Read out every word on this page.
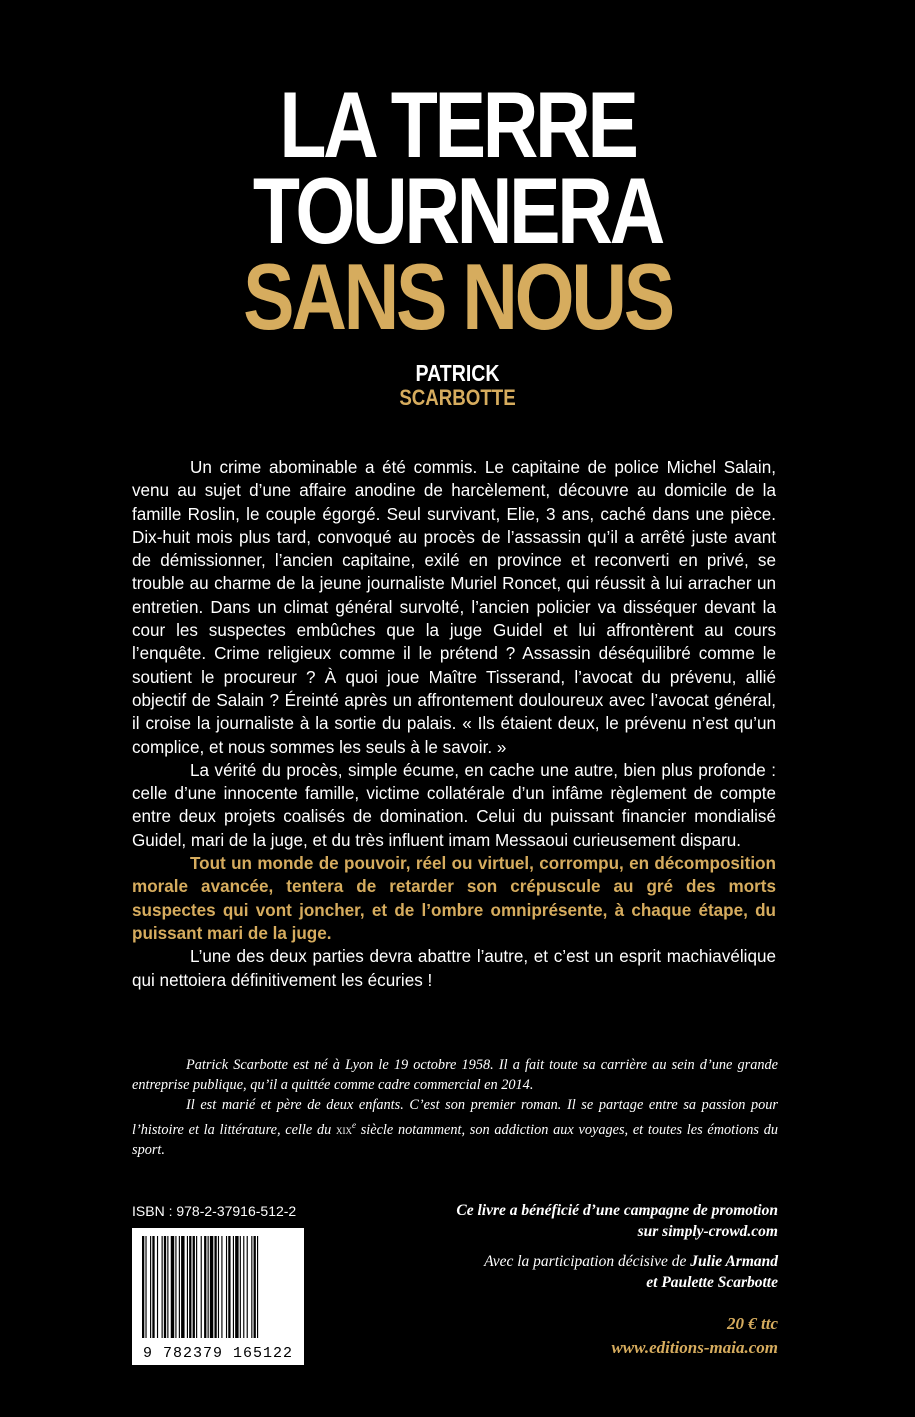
LA TERRE
TOURNERA
SANS NOUS
PATRICK
SCARBOTTE

Un crime abominable a été commis. Le capitaine de police Michel Salain, venu au sujet d’une affaire anodine de harcèlement, découvre au domicile de la famille Roslin, le couple égorgé. Seul survivant, Elie, 3 ans, caché dans une pièce. Dix-huit mois plus tard, convoqué au procès de l’assassin qu’il a arrêté juste avant de démissionner, l’ancien capitaine, exilé en province et reconverti en privé, se trouble au charme de la jeune journaliste Muriel Roncet, qui réussit à lui arracher un entretien. Dans un climat général survolté, l’ancien policier va disséquer devant la cour les suspectes embûches que la juge Guidel et lui affrontèrent au cours l’enquête. Crime religieux comme il le prétend ? Assassin déséquilibré comme le soutient le procureur ? À quoi joue Maître Tisserand, l’avocat du prévenu, allié objectif de Salain ? Éreinté après un affrontement douloureux avec l’avocat général, il croise la journaliste à la sortie du palais. « Ils étaient deux, le prévenu n’est qu’un complice, et nous sommes les seuls à le savoir. »

La vérité du procès, simple écume, en cache une autre, bien plus profonde : celle d’une innocente famille, victime collatérale d’un infâme règlement de compte entre deux projets coalisés de domination. Celui du puissant financier mondialisé Guidel, mari de la juge, et du très influent imam Messaoui curieusement disparu.

Tout un monde de pouvoir, réel ou virtuel, corrompu, en décomposition morale avancée, tentera de retarder son crépuscule au gré des morts suspectes qui vont joncher, et de l’ombre omniprésente, à chaque étape, du puissant mari de la juge.

L’une des deux parties devra abattre l’autre, et c’est un esprit machiavélique qui nettoiera définitivement les écuries !

Patrick Scarbotte est né à Lyon le 19 octobre 1958. Il a fait toute sa carrière au sein d’une grande entreprise publique, qu’il a quittée comme cadre commercial en 2014.

Il est marié et père de deux enfants. C’est son premier roman. Il se partage entre sa passion pour l’histoire et la littérature, celle du xix$^e$ siècle notamment, son addiction aux voyages, et toutes les émotions du sport.

ISBN : 978-2-37916-512-2
9 782379 165122
Ce livre a bénéficié d’une campagne de promotion
sur simply-crowd.com
Avec la participation décisive de Julie Armand
et Paulette Scarbotte
20 € ttc
www.editions-maia.com
